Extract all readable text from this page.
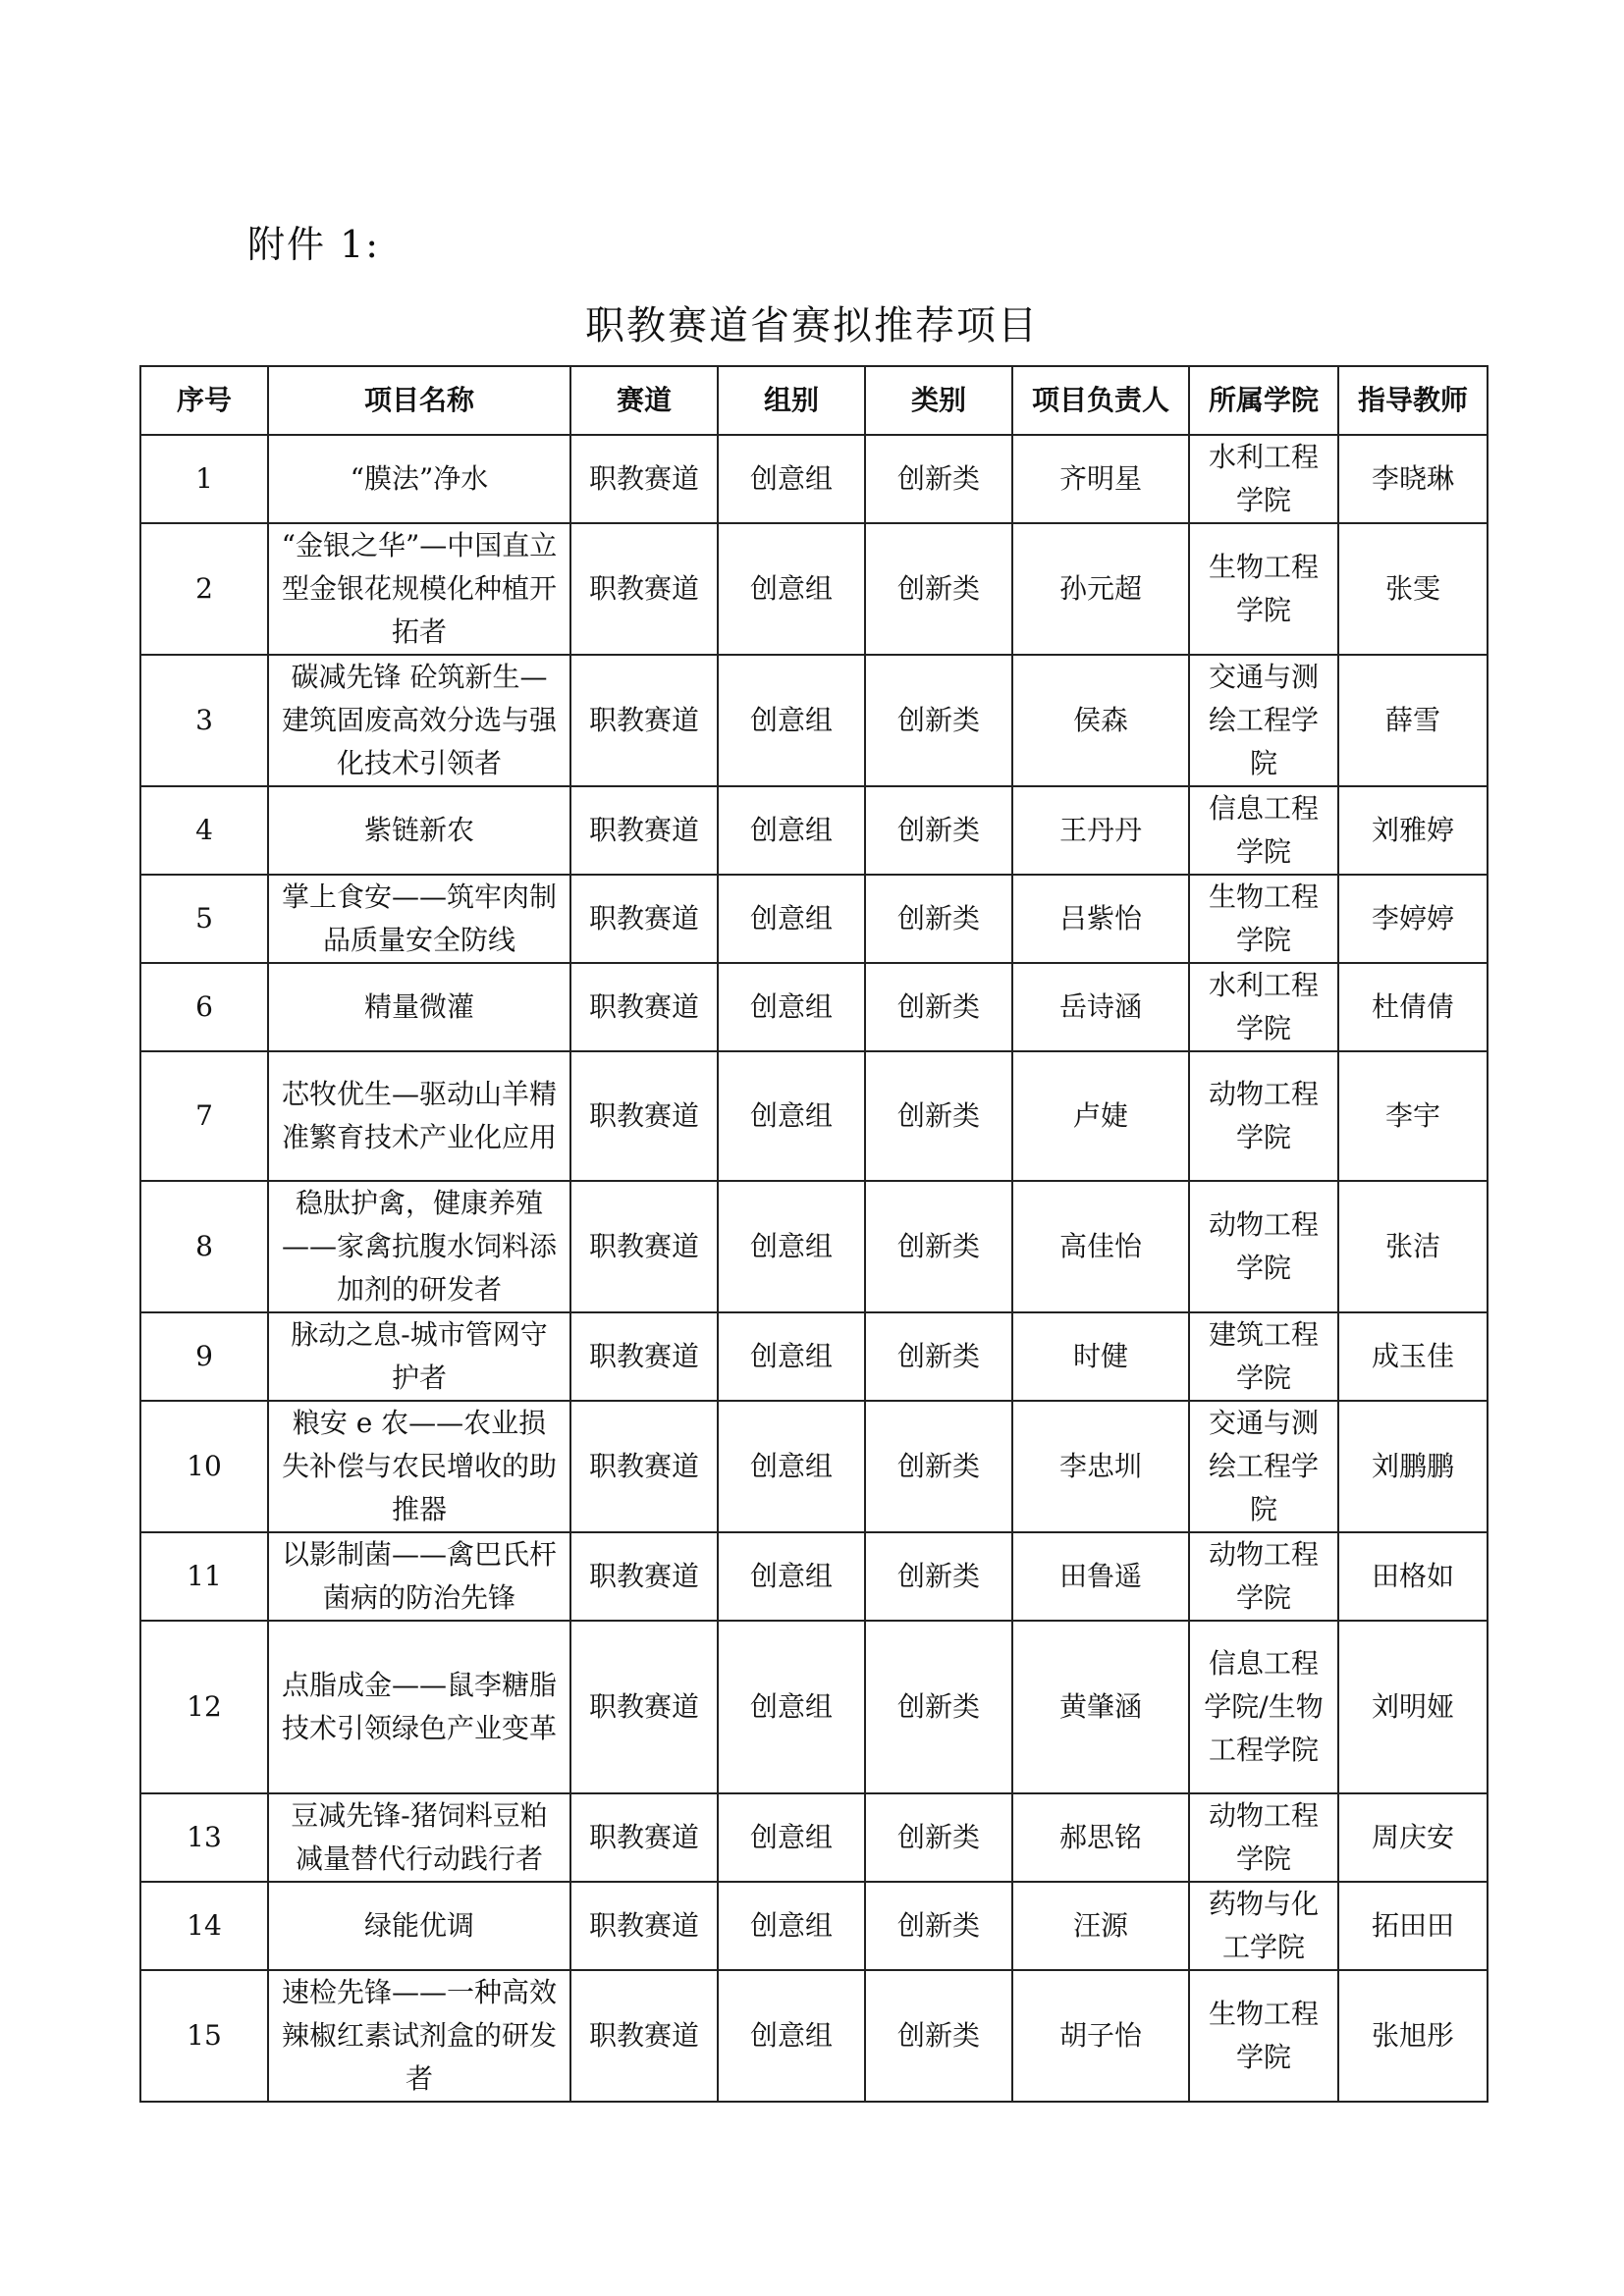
附件 1:
职教赛道省赛拟推荐项目
序号	项目名称	赛道	组别	类别	项目负责人	所属学院	指导教师
1	“膜法”净水	职教赛道	创意组	创新类	齐明星	水利工程学院	李晓琳
2	“金银之华”—中国直立型金银花规模化种植开拓者	职教赛道	创意组	创新类	孙元超	生物工程学院	张雯
3	碳减先锋 砼筑新生—建筑固废高效分选与强化技术引领者	职教赛道	创意组	创新类	侯森	交通与测绘工程学院	薛雪
4	紫链新农	职教赛道	创意组	创新类	王丹丹	信息工程学院	刘雅婷
5	掌上食安——筑牢肉制品质量安全防线	职教赛道	创意组	创新类	吕紫怡	生物工程学院	李婷婷
6	精量微灌	职教赛道	创意组	创新类	岳诗涵	水利工程学院	杜倩倩
7	芯牧优生—驱动山羊精准繁育技术产业化应用	职教赛道	创意组	创新类	卢婕	动物工程学院	李宇
8	稳肽护禽，健康养殖——家禽抗腹水饲料添加剂的研发者	职教赛道	创意组	创新类	高佳怡	动物工程学院	张洁
9	脉动之息-城市管网守护者	职教赛道	创意组	创新类	时健	建筑工程学院	成玉佳
10	粮安 e 农——农业损失补偿与农民增收的助推器	职教赛道	创意组	创新类	李忠圳	交通与测绘工程学院	刘鹏鹏
11	以影制菌——禽巴氏杆菌病的防治先锋	职教赛道	创意组	创新类	田鲁遥	动物工程学院	田格如
12	点脂成金——鼠李糖脂技术引领绿色产业变革	职教赛道	创意组	创新类	黄肇涵	信息工程学院/生物工程学院	刘明娅
13	豆减先锋-猪饲料豆粕减量替代行动践行者	职教赛道	创意组	创新类	郝思铭	动物工程学院	周庆安
14	绿能优调	职教赛道	创意组	创新类	汪源	药物与化工学院	拓田田
15	速检先锋——一种高效辣椒红素试剂盒的研发者	职教赛道	创意组	创新类	胡子怡	生物工程学院	张旭彤
